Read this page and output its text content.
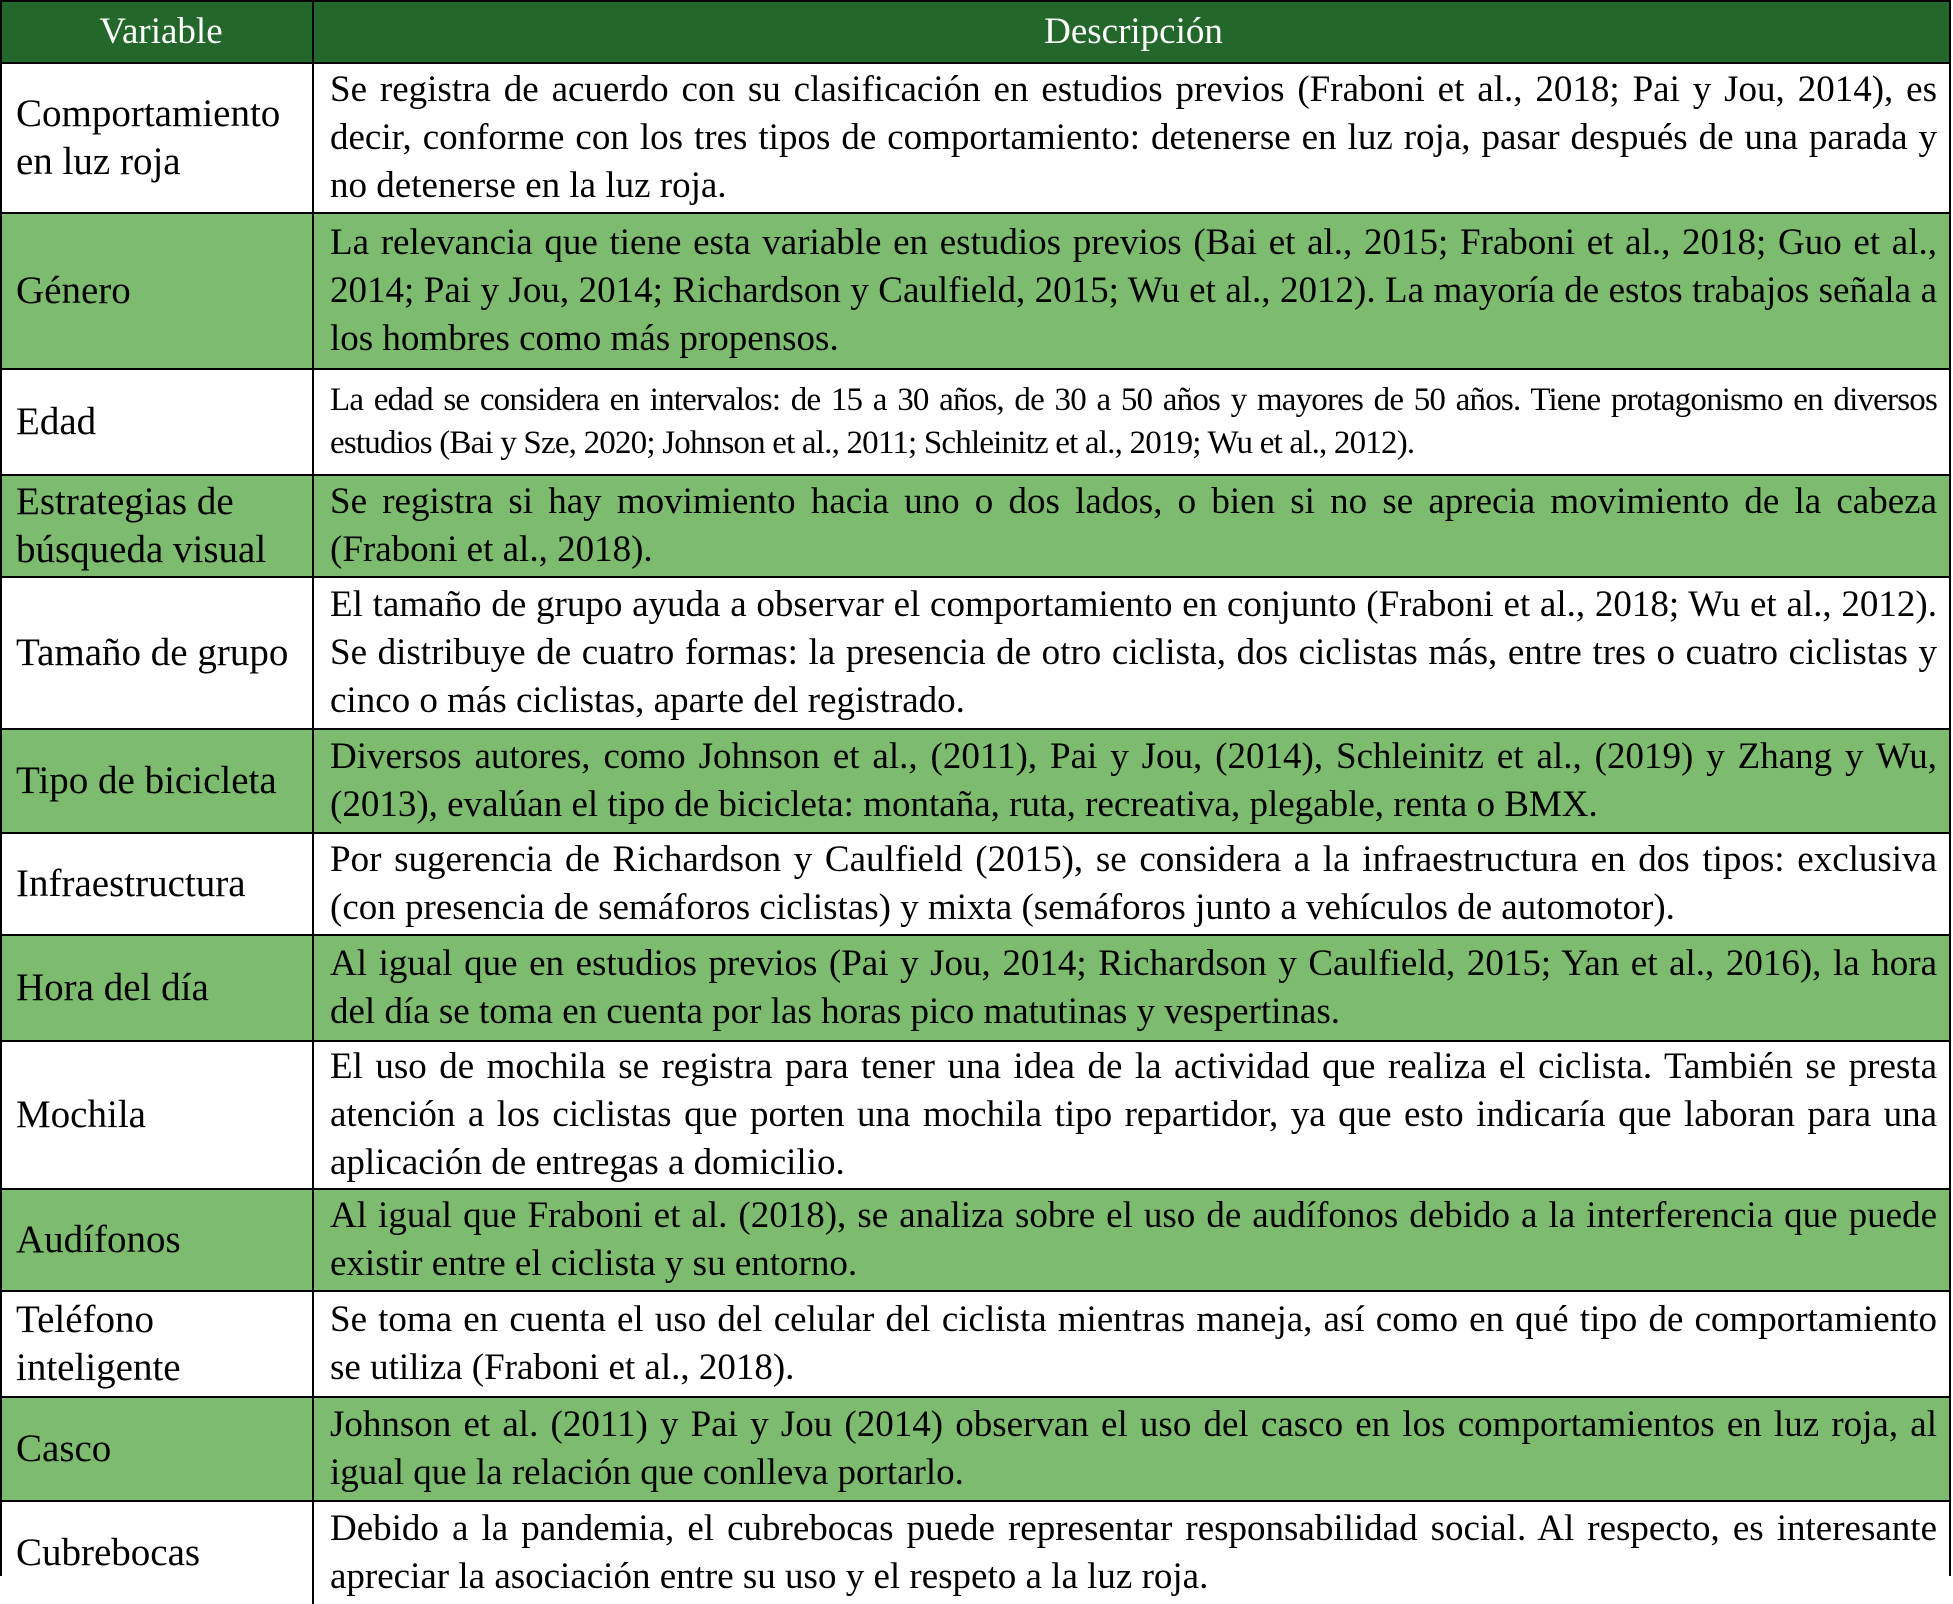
Variable	Descripción
Comportamiento en luz roja
Se registra de acuerdo con su clasificación en estudios previos (Fraboni et al., 2018; Pai y Jou, 2014), es decir, conforme con los tres tipos de comportamiento: detenerse en luz roja, pasar después de una parada y no detenerse en la luz roja.
Género
La relevancia que tiene esta variable en estudios previos (Bai et al., 2015; Fraboni et al., 2018; Guo et al., 2014; Pai y Jou, 2014; Richardson y Caulfield, 2015; Wu et al., 2012). La mayoría de estos trabajos señala a los hombres como más propensos.
Edad	La edad se considera en intervalos: de 15 a 30 años, de 30 a 50 años y mayores de 50 años. Tiene protagonismo en diversos estudios (Bai y Sze, 2020; Johnson et al., 2011; Schleinitz et al., 2019; Wu et al., 2012).
Estrategias de búsqueda visual
Se registra si hay movimiento hacia uno o dos lados, o bien si no se aprecia movimiento de la cabeza (Fraboni et al., 2018).
Tamaño de grupo
El tamaño de grupo ayuda a observar el comportamiento en conjunto (Fraboni et al., 2018; Wu et al., 2012). Se distribuye de cuatro formas: la presencia de otro ciclista, dos ciclistas más, entre tres o cuatro ciclistas y cinco o más ciclistas, aparte del registrado.
Tipo de bicicleta
Diversos autores, como Johnson et al., (2011), Pai y Jou, (2014), Schleinitz et al., (2019) y Zhang y Wu, (2013), evalúan el tipo de bicicleta: montaña, ruta, recreativa, plegable, renta o BMX.
Infraestructura
Por sugerencia de Richardson y Caulfield (2015), se considera a la infraestructura en dos tipos: exclusiva (con presencia de semáforos ciclistas) y mixta (semáforos junto a vehículos de automotor).
Hora del día
Al igual que en estudios previos (Pai y Jou, 2014; Richardson y Caulfield, 2015; Yan et al., 2016), la hora del día se toma en cuenta por las horas pico matutinas y vespertinas.
Mochila
El uso de mochila se registra para tener una idea de la actividad que realiza el ciclista. También se presta atención a los ciclistas que porten una mochila tipo repartidor, ya que esto indicaría que laboran para una aplicación de entregas a domicilio.
Audífonos
Al igual que Fraboni et al. (2018), se analiza sobre el uso de audífonos debido a la interferencia que puede existir entre el ciclista y su entorno.
Teléfono inteligente
Se toma en cuenta el uso del celular del ciclista mientras maneja, así como en qué tipo de comportamiento se utiliza (Fraboni et al., 2018).
Casco
Johnson et al. (2011) y Pai y Jou (2014) observan el uso del casco en los comportamientos en luz roja, al igual que la relación que conlleva portarlo.
Cubrebocas
Debido a la pandemia, el cubrebocas puede representar responsabilidad social. Al respecto, es interesante apreciar la asociación entre su uso y el respeto a la luz roja.
